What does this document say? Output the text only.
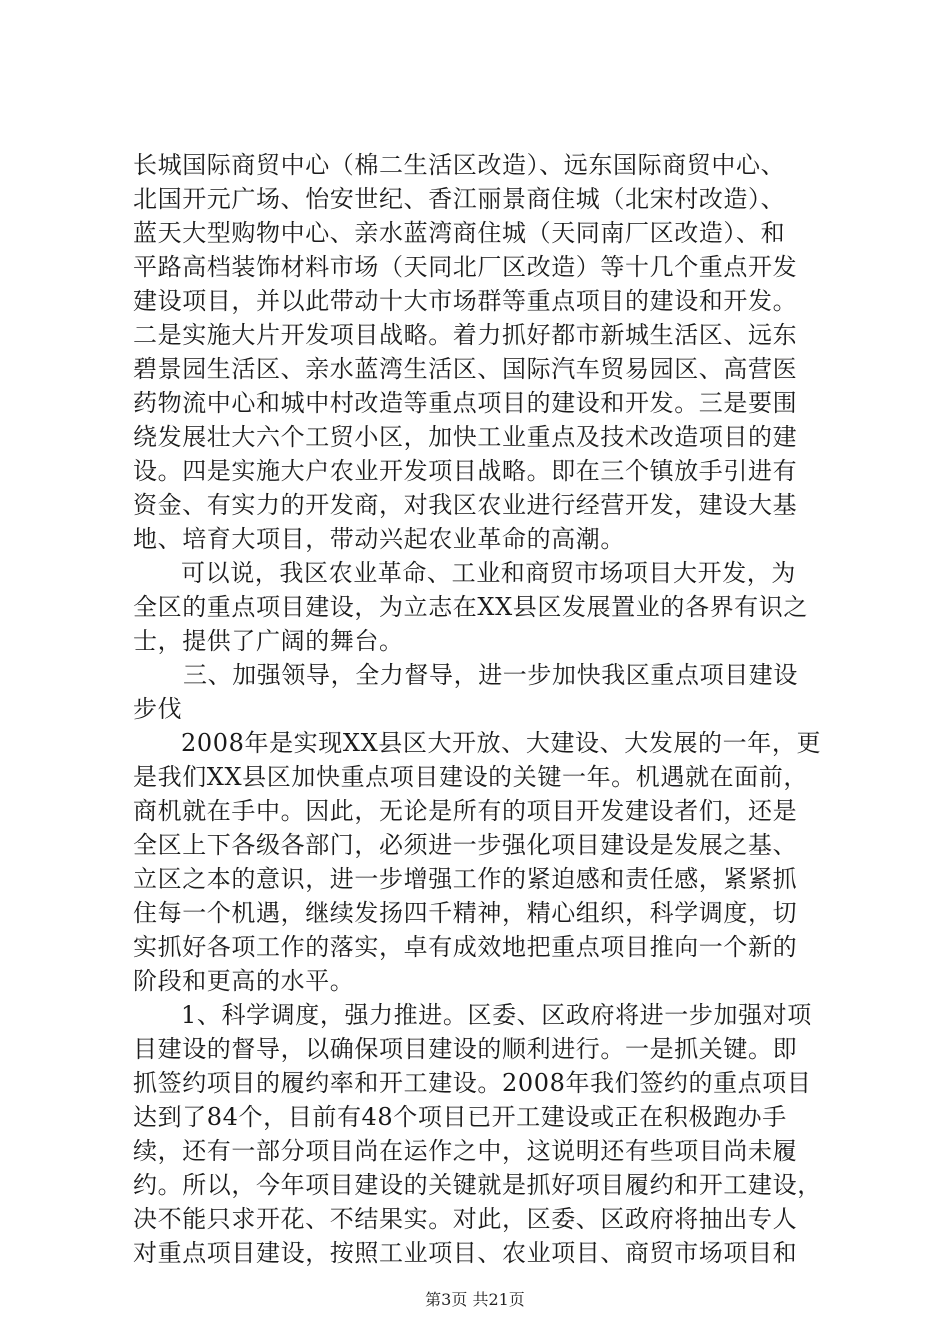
长城国际商贸中心（棉二生活区改造）、远东国际商贸中心、
北国开元广场、怡安世纪、香江丽景商住城（北宋村改造）、
蓝天大型购物中心、亲水蓝湾商住城（天同南厂区改造）、和
平路高档装饰材料市场（天同北厂区改造）等十几个重点开发
建设项目，并以此带动十大市场群等重点项目的建设和开发。
二是实施大片开发项目战略。着力抓好都市新城生活区、远东
碧景园生活区、亲水蓝湾生活区、国际汽车贸易园区、高营医
药物流中心和城中村改造等重点项目的建设和开发。三是要围
绕发展壮大六个工贸小区，加快工业重点及技术改造项目的建
设。四是实施大户农业开发项目战略。即在三个镇放手引进有
资金、有实力的开发商，对我区农业进行经营开发，建设大基
地、培育大项目，带动兴起农业革命的高潮。
可以说，我区农业革命、工业和商贸市场项目大开发，为
全区的重点项目建设，为立志在XX县区发展置业的各界有识之
士，提供了广阔的舞台。
三、加强领导，全力督导，进一步加快我区重点项目建设
步伐
2008年是实现XX县区大开放、大建设、大发展的一年，更
是我们XX县区加快重点项目建设的关键一年。机遇就在面前，
商机就在手中。因此，无论是所有的项目开发建设者们，还是
全区上下各级各部门，必须进一步强化项目建设是发展之基、
立区之本的意识，进一步增强工作的紧迫感和责任感，紧紧抓
住每一个机遇，继续发扬四千精神，精心组织，科学调度，切
实抓好各项工作的落实，卓有成效地把重点项目推向一个新的
阶段和更高的水平。
1、科学调度，强力推进。区委、区政府将进一步加强对项
目建设的督导，以确保项目建设的顺利进行。一是抓关键。即
抓签约项目的履约率和开工建设。2008年我们签约的重点项目
达到了84个，目前有48个项目已开工建设或正在积极跑办手
续，还有一部分项目尚在运作之中，这说明还有些项目尚未履
约。所以，今年项目建设的关键就是抓好项目履约和开工建设，
决不能只求开花、不结果实。对此，区委、区政府将抽出专人
对重点项目建设，按照工业项目、农业项目、商贸市场项目和
第3页 共21页
